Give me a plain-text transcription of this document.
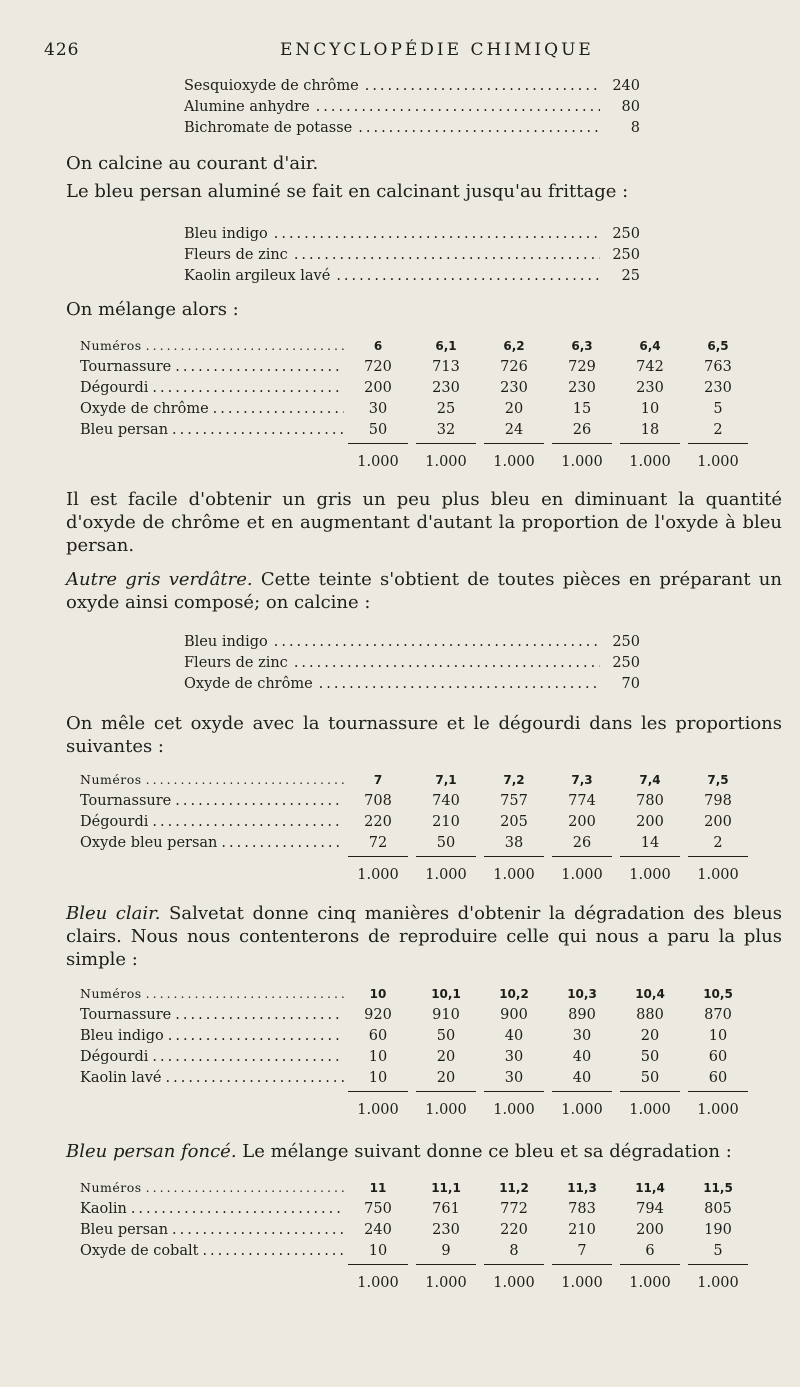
426	ENCYCLOPÉDIE CHIMIQUE
Sesquioxyde de chrôme .....	240
Alumine anhydre .....	80
Bichromate de potasse .....	8
On calcine au courant d'air.
Le bleu persan aluminé se fait en calcinant jusqu'au frittage :
Bleu indigo .....	250
Fleurs de zinc .....	250
Kaolin argileux lavé .....	25
On mélange alors :
Numéros .....	6	6,1	6,2	6,3	6,4	6,5
Tournassure .....	720	713	726	729	742	763
Dégourdi .....	200	230	230	230	230	230
Oxyde de chrôme .....	30	25	20	15	10	5
Bleu persan .....	50	32	24	26	18	2
1.000	1.000	1.000	1.000	1.000	1.000
Il est facile d'obtenir un gris un peu plus bleu en diminuant la quantité d'oxyde de chrôme et en augmentant d'autant la proportion de l'oxyde à bleu persan.
Autre gris verdâtre. Cette teinte s'obtient de toutes pièces en préparant un oxyde ainsi composé; on calcine :
Bleu indigo .....	250
Fleurs de zinc .....	250
Oxyde de chrôme .....	70
On mêle cet oxyde avec la tournassure et le dégourdi dans les proportions suivantes :
Numéros .....	7	7,1	7,2	7,3	7,4	7,5
Tournassure .....	708	740	757	774	780	798
Dégourdi .....	220	210	205	200	200	200
Oxyde bleu persan .....	72	50	38	26	14	2
1.000	1.000	1.000	1.000	1.000	1.000
Bleu clair. Salvetat donne cinq manières d'obtenir la dégradation des bleus clairs. Nous nous contenterons de reproduire celle qui nous a paru la plus simple :
Numéros .....	10	10,1	10,2	10,3	10,4	10,5
Tournassure .....	920	910	900	890	880	870
Bleu indigo .....	60	50	40	30	20	10
Dégourdi .....	10	20	30	40	50	60
Kaolin lavé .....	10	20	30	40	50	60
1.000	1.000	1.000	1.000	1.000	1.000
Bleu persan foncé. Le mélange suivant donne ce bleu et sa dégradation :
Numéros .....	11	11,1	11,2	11,3	11,4	11,5
Kaolin .....	750	761	772	783	794	805
Bleu persan .....	240	230	220	210	200	190
Oxyde de cobalt .....	10	9	8	7	6	5
1.000	1.000	1.000	1.000	1.000	1.000
